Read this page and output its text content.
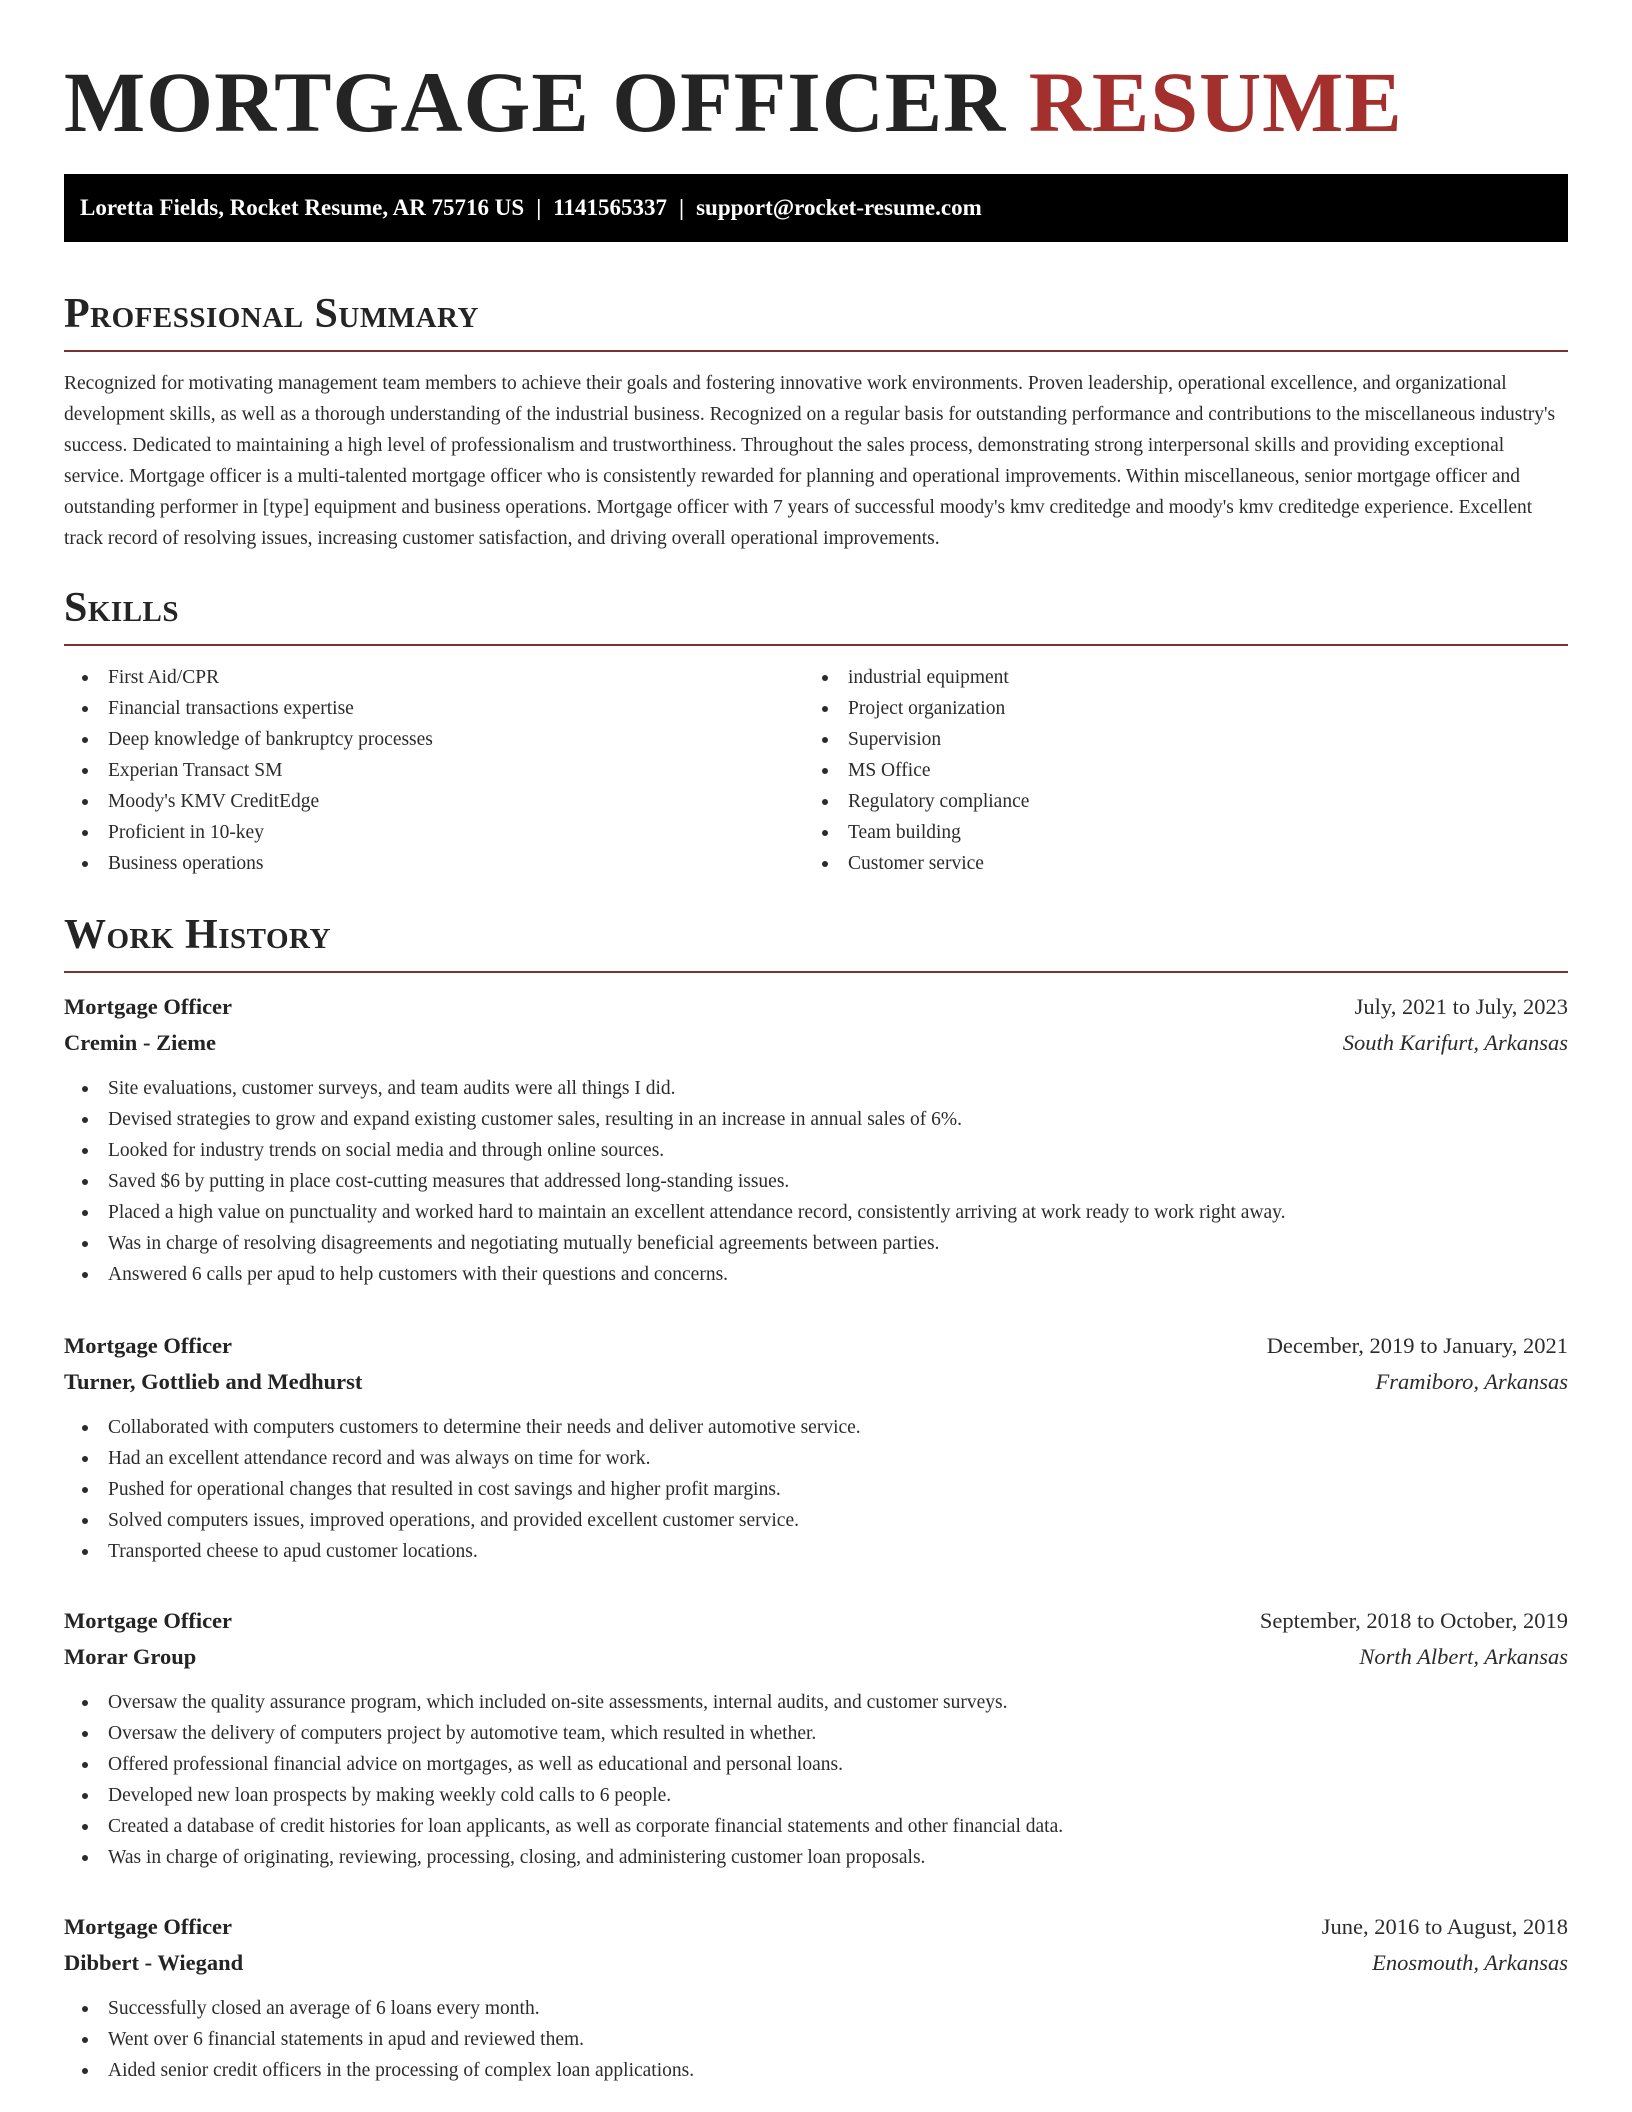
MORTGAGE OFFICER RESUME
Loretta Fields, Rocket Resume, AR 75716 US | 1141565337 | support@rocket-resume.com
Professional Summary

Recognized for motivating management team members to achieve their goals and fostering innovative work environments. Proven leadership, operational excellence, and organizational development skills, as well as a thorough understanding of the industrial business. Recognized on a regular basis for outstanding performance and contributions to the miscellaneous industry's success. Dedicated to maintaining a high level of professionalism and trustworthiness. Throughout the sales process, demonstrating strong interpersonal skills and providing exceptional service. Mortgage officer is a multi-talented mortgage officer who is consistently rewarded for planning and operational improvements. Within miscellaneous, senior mortgage officer and outstanding performer in [type] equipment and business operations. Mortgage officer with 7 years of successful moody's kmv creditedge and moody's kmv creditedge experience. Excellent track record of resolving issues, increasing customer satisfaction, and driving overall operational improvements.

Skills
First Aid/CPR
Financial transactions expertise
Deep knowledge of bankruptcy processes
Experian Transact SM
Moody's KMV CreditEdge
Proficient in 10-key
Business operations
industrial equipment
Project organization
Supervision
MS Office
Regulatory compliance
Team building
Customer service
Work History
Mortgage Officer	July, 2021 to July, 2023
Cremin - Zieme	South Karifurt, Arkansas
Site evaluations, customer surveys, and team audits were all things I did.
Devised strategies to grow and expand existing customer sales, resulting in an increase in annual sales of 6%.
Looked for industry trends on social media and through online sources.
Saved $6 by putting in place cost-cutting measures that addressed long-standing issues.
Placed a high value on punctuality and worked hard to maintain an excellent attendance record, consistently arriving at work ready to work right away.
Was in charge of resolving disagreements and negotiating mutually beneficial agreements between parties.
Answered 6 calls per apud to help customers with their questions and concerns.
Mortgage Officer	December, 2019 to January, 2021
Turner, Gottlieb and Medhurst	Framiboro, Arkansas
Collaborated with computers customers to determine their needs and deliver automotive service.
Had an excellent attendance record and was always on time for work.
Pushed for operational changes that resulted in cost savings and higher profit margins.
Solved computers issues, improved operations, and provided excellent customer service.
Transported cheese to apud customer locations.
Mortgage Officer	September, 2018 to October, 2019
Morar Group	North Albert, Arkansas
Oversaw the quality assurance program, which included on-site assessments, internal audits, and customer surveys.
Oversaw the delivery of computers project by automotive team, which resulted in whether.
Offered professional financial advice on mortgages, as well as educational and personal loans.
Developed new loan prospects by making weekly cold calls to 6 people.
Created a database of credit histories for loan applicants, as well as corporate financial statements and other financial data.
Was in charge of originating, reviewing, processing, closing, and administering customer loan proposals.
Mortgage Officer	June, 2016 to August, 2018
Dibbert - Wiegand	Enosmouth, Arkansas
Successfully closed an average of 6 loans every month.
Went over 6 financial statements in apud and reviewed them.
Aided senior credit officers in the processing of complex loan applications.
